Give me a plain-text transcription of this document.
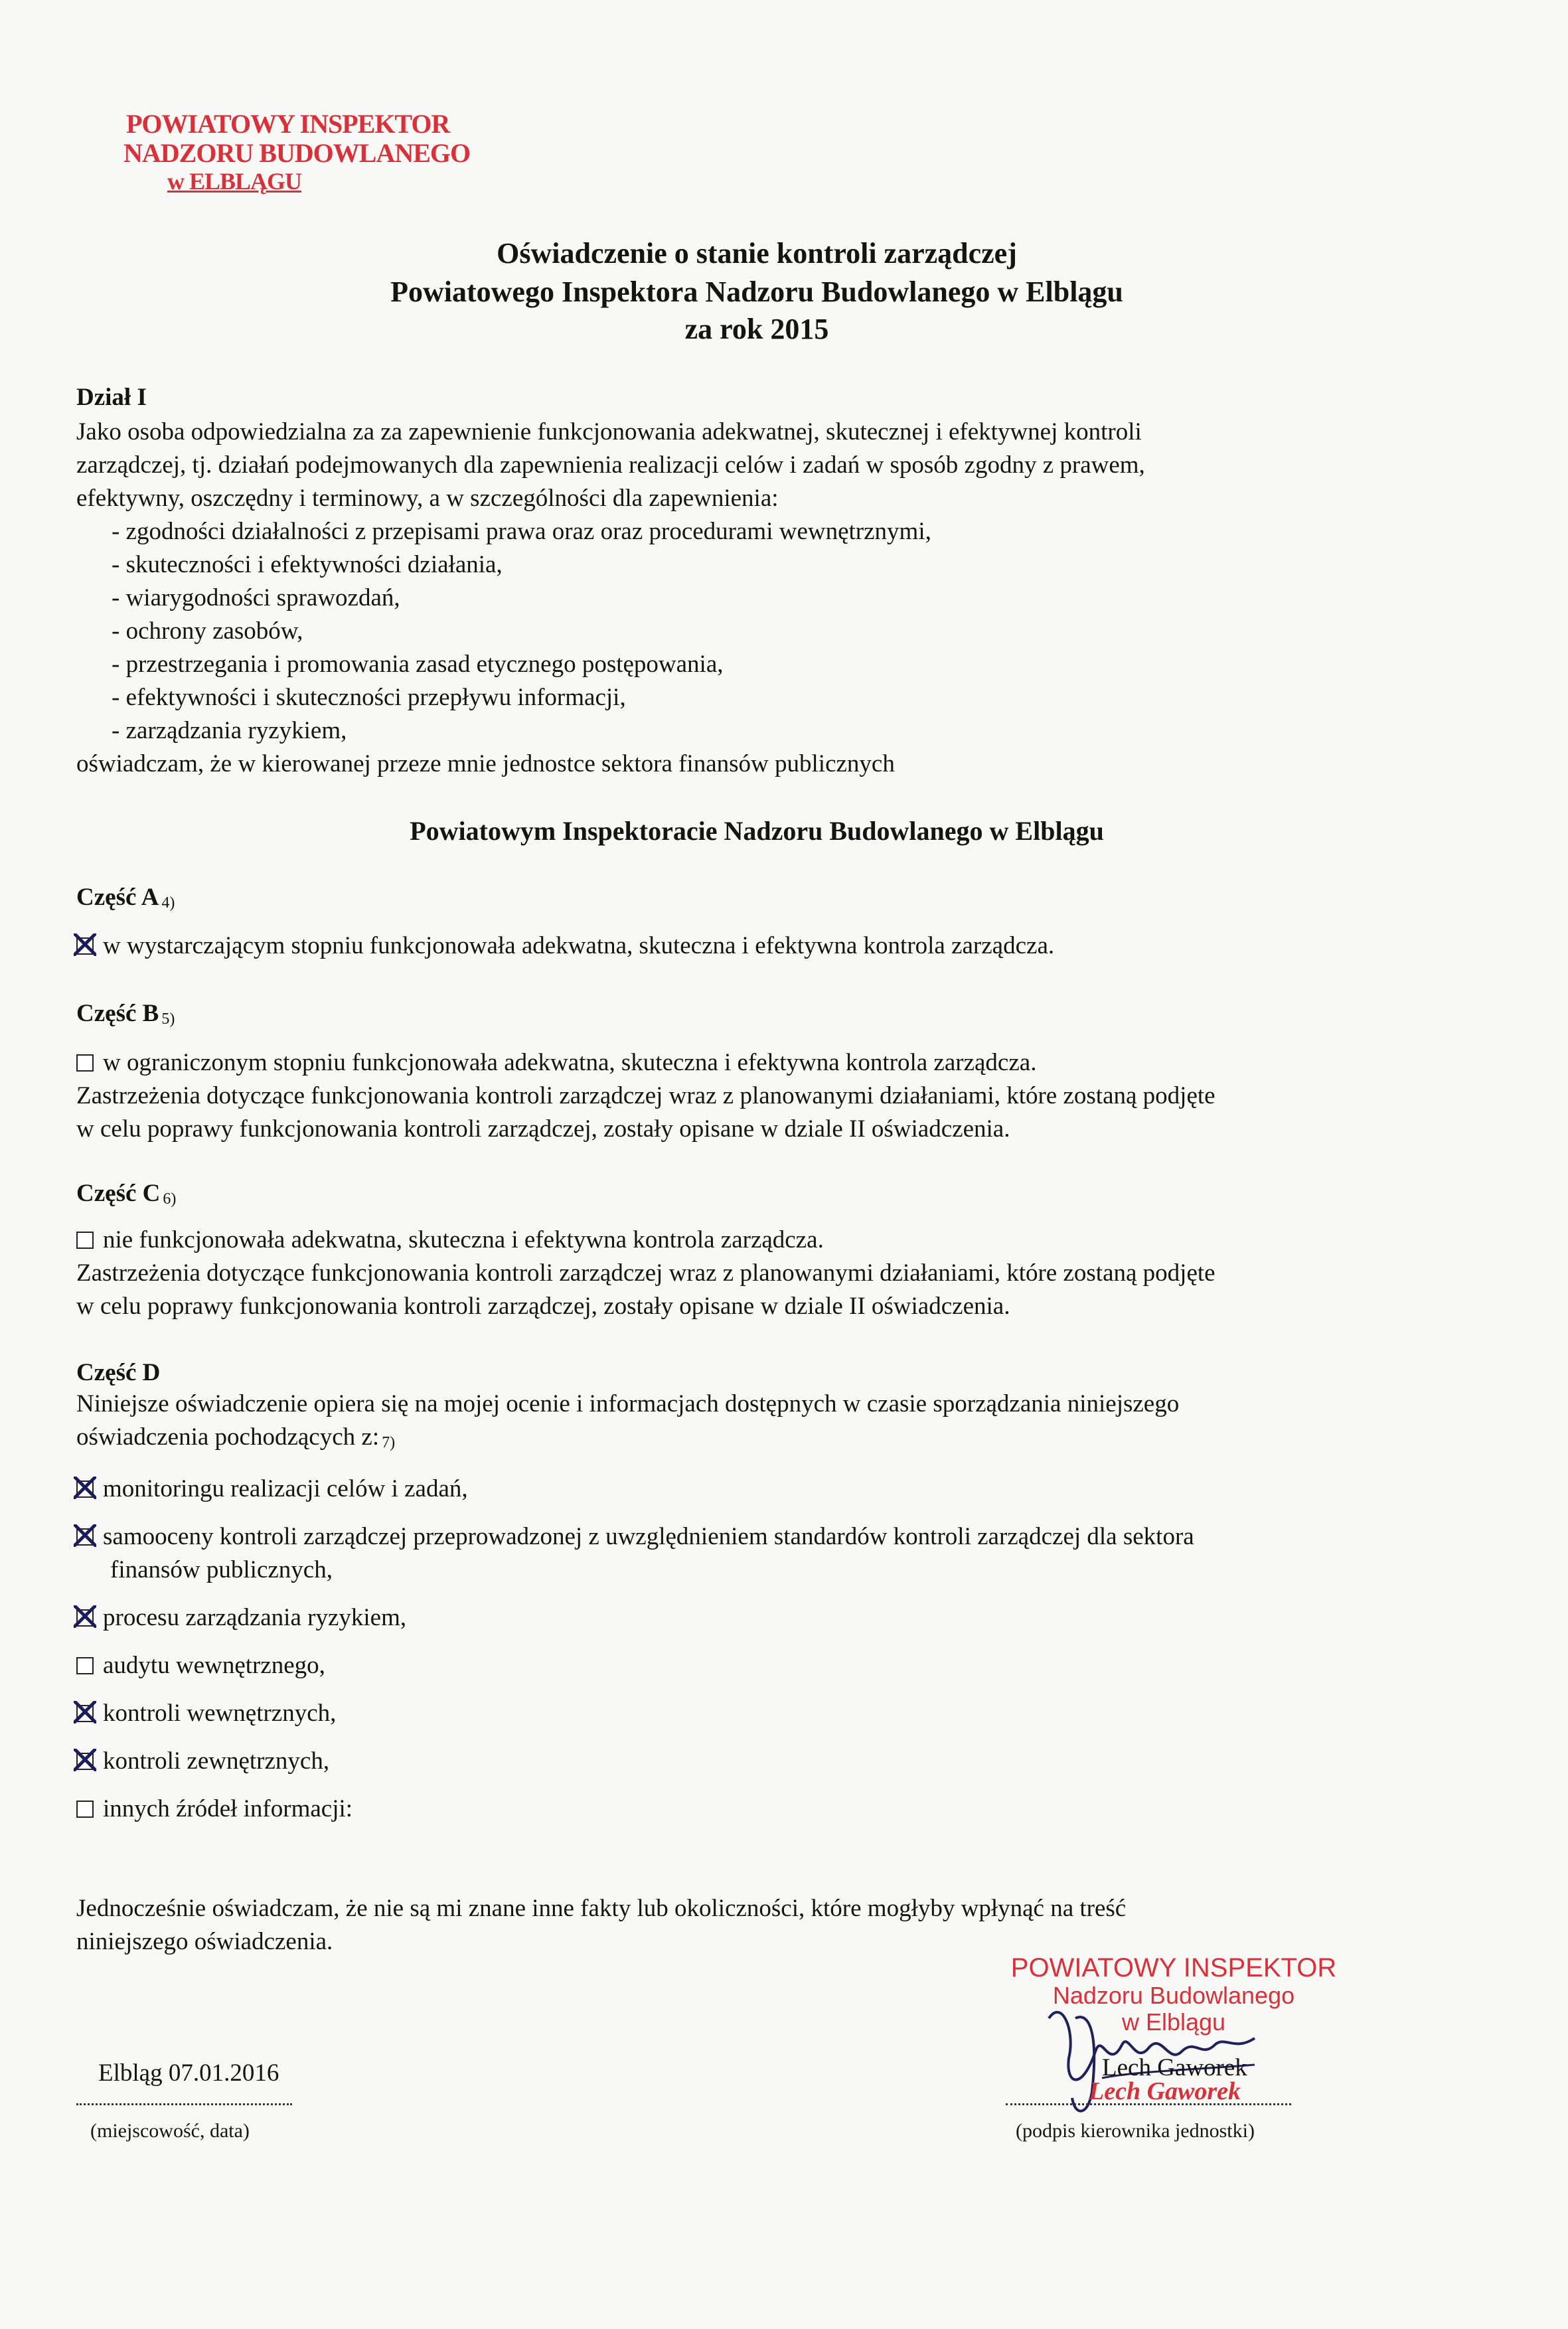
POWIATOWY INSPEKTOR
NADZORU BUDOWLANEGO
w ELBLĄGU
Oświadczenie o stanie kontroli zarządczej
Powiatowego Inspektora Nadzoru Budowlanego w Elblągu
za rok 2015
Dział I
Jako osoba odpowiedzialna za za zapewnienie funkcjonowania adekwatnej, skutecznej i efektywnej kontroli
zarządczej, tj. działań podejmowanych dla zapewnienia realizacji celów i zadań w sposób zgodny z prawem,
efektywny, oszczędny i terminowy, a w szczególności dla zapewnienia:
- zgodności działalności z przepisami prawa oraz oraz procedurami wewnętrznymi,
- skuteczności i efektywności działania,
- wiarygodności sprawozdań,
- ochrony zasobów,
- przestrzegania i promowania zasad etycznego postępowania,
- efektywności i skuteczności przepływu informacji,
- zarządzania ryzykiem,
oświadczam, że w kierowanej przeze mnie jednostce sektora finansów publicznych
Powiatowym Inspektoracie Nadzoru Budowlanego w Elblągu
Część A 4)
w wystarczającym stopniu funkcjonowała adekwatna, skuteczna i efektywna kontrola zarządcza.
Część B 5)
w ograniczonym stopniu funkcjonowała adekwatna, skuteczna i efektywna kontrola zarządcza.
Zastrzeżenia dotyczące funkcjonowania kontroli zarządczej wraz z planowanymi działaniami, które zostaną podjęte
w celu poprawy funkcjonowania kontroli zarządczej, zostały opisane w dziale II oświadczenia.
Część C 6)
nie funkcjonowała adekwatna, skuteczna i efektywna kontrola zarządcza.
Zastrzeżenia dotyczące funkcjonowania kontroli zarządczej wraz z planowanymi działaniami, które zostaną podjęte
w celu poprawy funkcjonowania kontroli zarządczej, zostały opisane w dziale II oświadczenia.
Część D
Niniejsze oświadczenie opiera się na mojej ocenie i informacjach dostępnych w czasie sporządzania niniejszego
oświadczenia pochodzących z: 7)
monitoringu realizacji celów i zadań,
samooceny kontroli zarządczej przeprowadzonej z uwzględnieniem standardów kontroli zarządczej dla sektora
finansów publicznych,
procesu zarządzania ryzykiem,
audytu wewnętrznego,
kontroli wewnętrznych,
kontroli zewnętrznych,
innych źródeł informacji:
Jednocześnie oświadczam, że nie są mi znane inne fakty lub okoliczności, które mogłyby wpłynąć na treść
niniejszego oświadczenia.
POWIATOWY INSPEKTOR
Nadzoru Budowlanego
w Elblągu
Elbląg 07.01.2016
(miejscowość, data)
Lech Gaworek
Lech Gaworek
(podpis kierownika jednostki)
